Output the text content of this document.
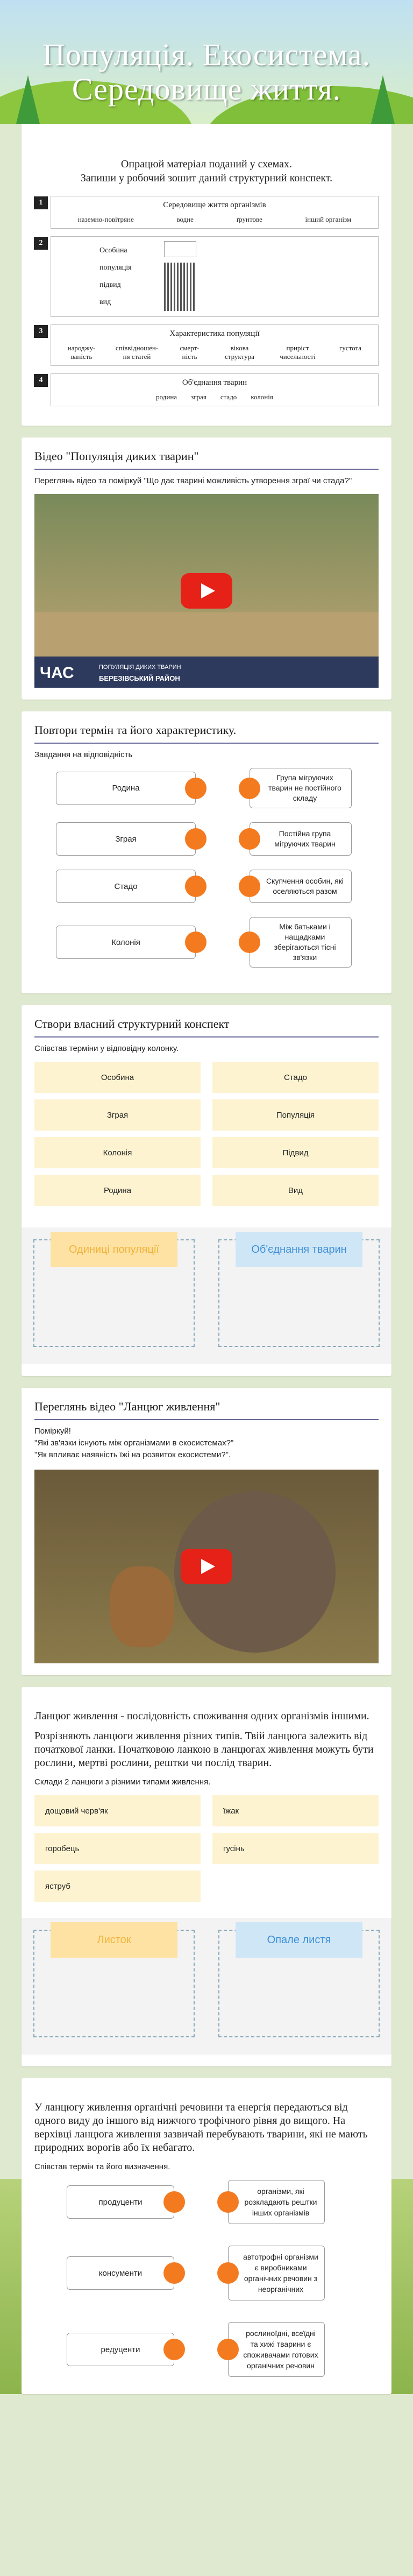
Популяція. Екосистема.
Середовище життя.
Опрацюй матеріал поданий у схемах.
Запиши у робочий зошит даний структурний конспект.
1	Середовище життя організмів
наземно-повітряне	водне	ґрунтове	інший організм
2
Особина
популяція
підвид
вид
3	Характеристика популяції
народжу-ваність
співвідношен-ня статей
смерт-ність
вікова структура
приріст чисельності
густота
4	Об'єднання тварин
родина зграя стадо колонія
Відео "Популяція диких тварин"
Переглянь відео та поміркуй "Що дає тварині можливість утворення зграї чи стада?"
ЧАС	ПОПУЛЯЦІЯ ДИКИХ ТВАРИН
БЕРЕЗІВСЬКИЙ РАЙОН
Повтори термін та його характеристику.
Завдання на відповідність
Родина
Група мігруючих тварин не постійного складу
Зграя
Постійна група мігруючих тварин
Стадо
Скупчення особин, які оселяються разом
Колонія
Між батьками і нащадками зберігаються тісні зв'язки
Створи власний структурний конспект
Співстав терміни у відповідну колонку.
Особина	Стадо
Зграя	Популяція
Колонія	Підвид
Родина	Вид
Одиниці популяції	Об'єднання тварин
Переглянь відео "Ланцюг живлення"
Поміркуй!
"Які зв'язки існують між організмами в екосистемах?"
"Як впливає наявність їжі на розвиток екосистеми?".
Ланцюг живлення - послідовність споживання одних організмів іншими.
Розрізняють ланцюги живлення різних типів. Твій ланцюга залежить від початкової ланки. Початковою ланкою в ланцюгах живлення можуть бути рослини, мертві рослини, рештки чи послід тварин.
Склади 2 ланцюги з різними типами живлення.
дощовий черв'як	їжак
горобець	гусінь
яструб
Листок	Опале листя
У ланцюгу живлення органічні речовини та енергія передаються від одного виду до іншого від нижчого трофічного рівня до вищого. На верхівці ланцюга живлення зазвичай перебувають тварини, які не мають природних ворогів або їх небагато.
Співстав термін та його визначення.
продуценти
організми, які розкладають рештки інших організмів
консументи
автотрофні організми є виробниками органічних речовин з неорганічних
редуценти
рослиноїдні, всеїдні та хижі тварини є споживачами готових органічних речовин
